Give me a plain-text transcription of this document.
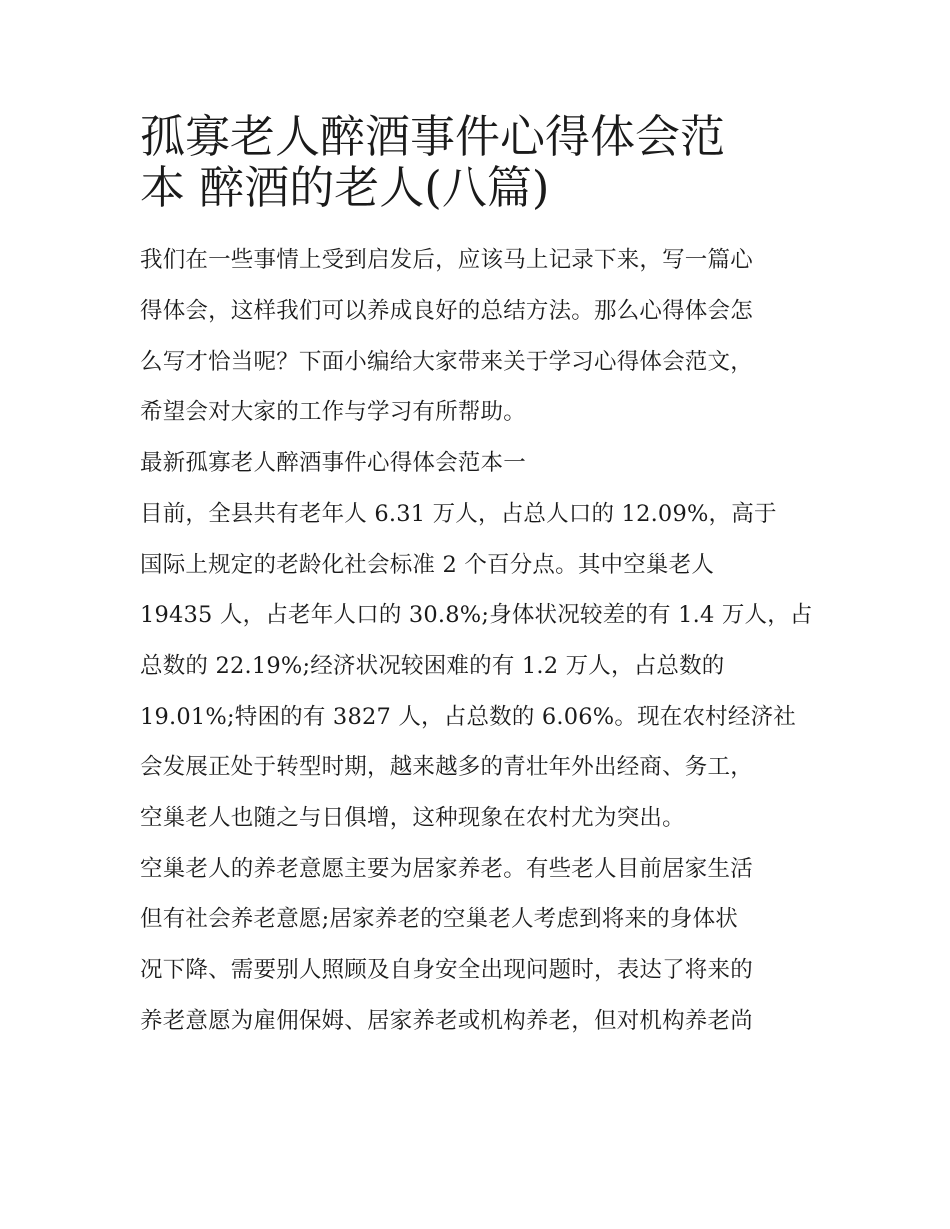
孤寡老人醉酒事件心得体会范
本 醉酒的老人(八篇)

我们在一些事情上受到启发后，应该马上记录下来，写一篇心
得体会，这样我们可以养成良好的总结方法。那么心得体会怎
么写才恰当呢？下面小编给大家带来关于学习心得体会范文，
希望会对大家的工作与学习有所帮助。

最新孤寡老人醉酒事件心得体会范本一

目前，全县共有老年人 6.31 万人，占总人口的 12.09%，高于
国际上规定的老龄化社会标准 2 个百分点。其中空巢老人
19435 人，占老年人口的 30.8%;身体状况较差的有 1.4 万人，占
总数的 22.19%;经济状况较困难的有 1.2 万人，占总数的
19.01%;特困的有 3827 人，占总数的 6.06%。现在农村经济社
会发展正处于转型时期，越来越多的青壮年外出经商、务工，
空巢老人也随之与日俱增，这种现象在农村尤为突出。

空巢老人的养老意愿主要为居家养老。有些老人目前居家生活
但有社会养老意愿;居家养老的空巢老人考虑到将来的身体状
况下降、需要别人照顾及自身安全出现问题时，表达了将来的
养老意愿为雇佣保姆、居家养老或机构养老，但对机构养老尚
